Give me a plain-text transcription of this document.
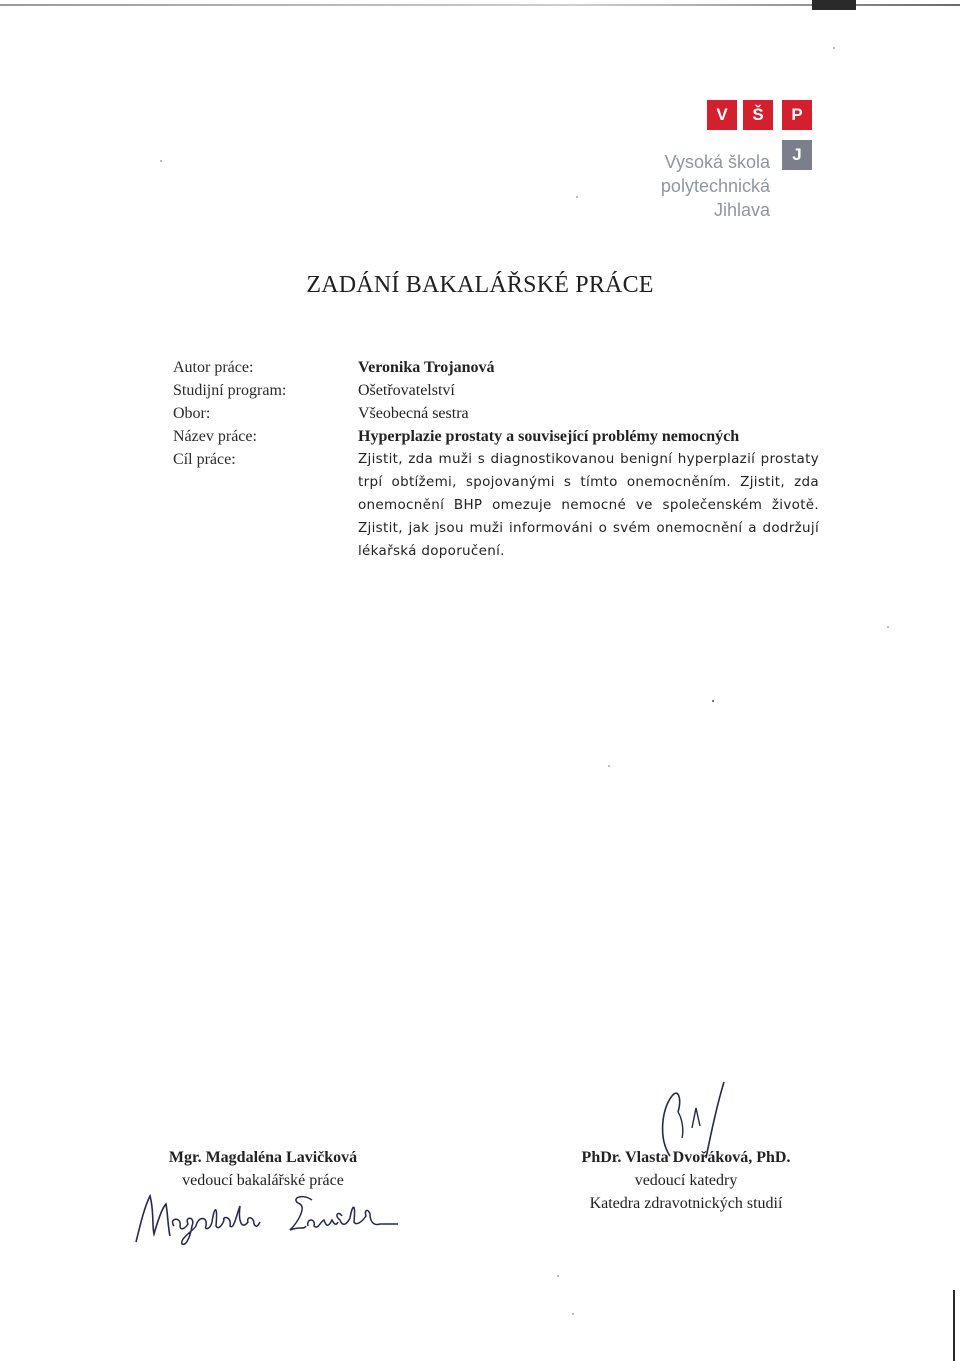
V	Š	P
J
Vysoká škola
polytechnická
Jihlava
ZADÁNÍ BAKALÁŘSKÉ PRÁCE
Autor práce:	Veronika Trojanová
Studijní program:	Ošetřovatelství
Obor:	Všeobecná sestra
Název práce:	Hyperplazie prostaty a související problémy nemocných
Cíl práce:	Zjistit, zda muži s diagnostikovanou benigní hyperplazií prostaty trpí obtížemi, spojovanými s tímto onemocněním. Zjistit, zda onemocnění BHP omezuje nemocné ve společenském životě. Zjistit, jak jsou muži informováni o svém onemocnění a dodržují lékařská doporučení.
Mgr. Magdaléna Lavičková
vedoucí bakalářské práce
PhDr. Vlasta Dvořáková, PhD.
vedoucí katedry
Katedra zdravotnických studií
